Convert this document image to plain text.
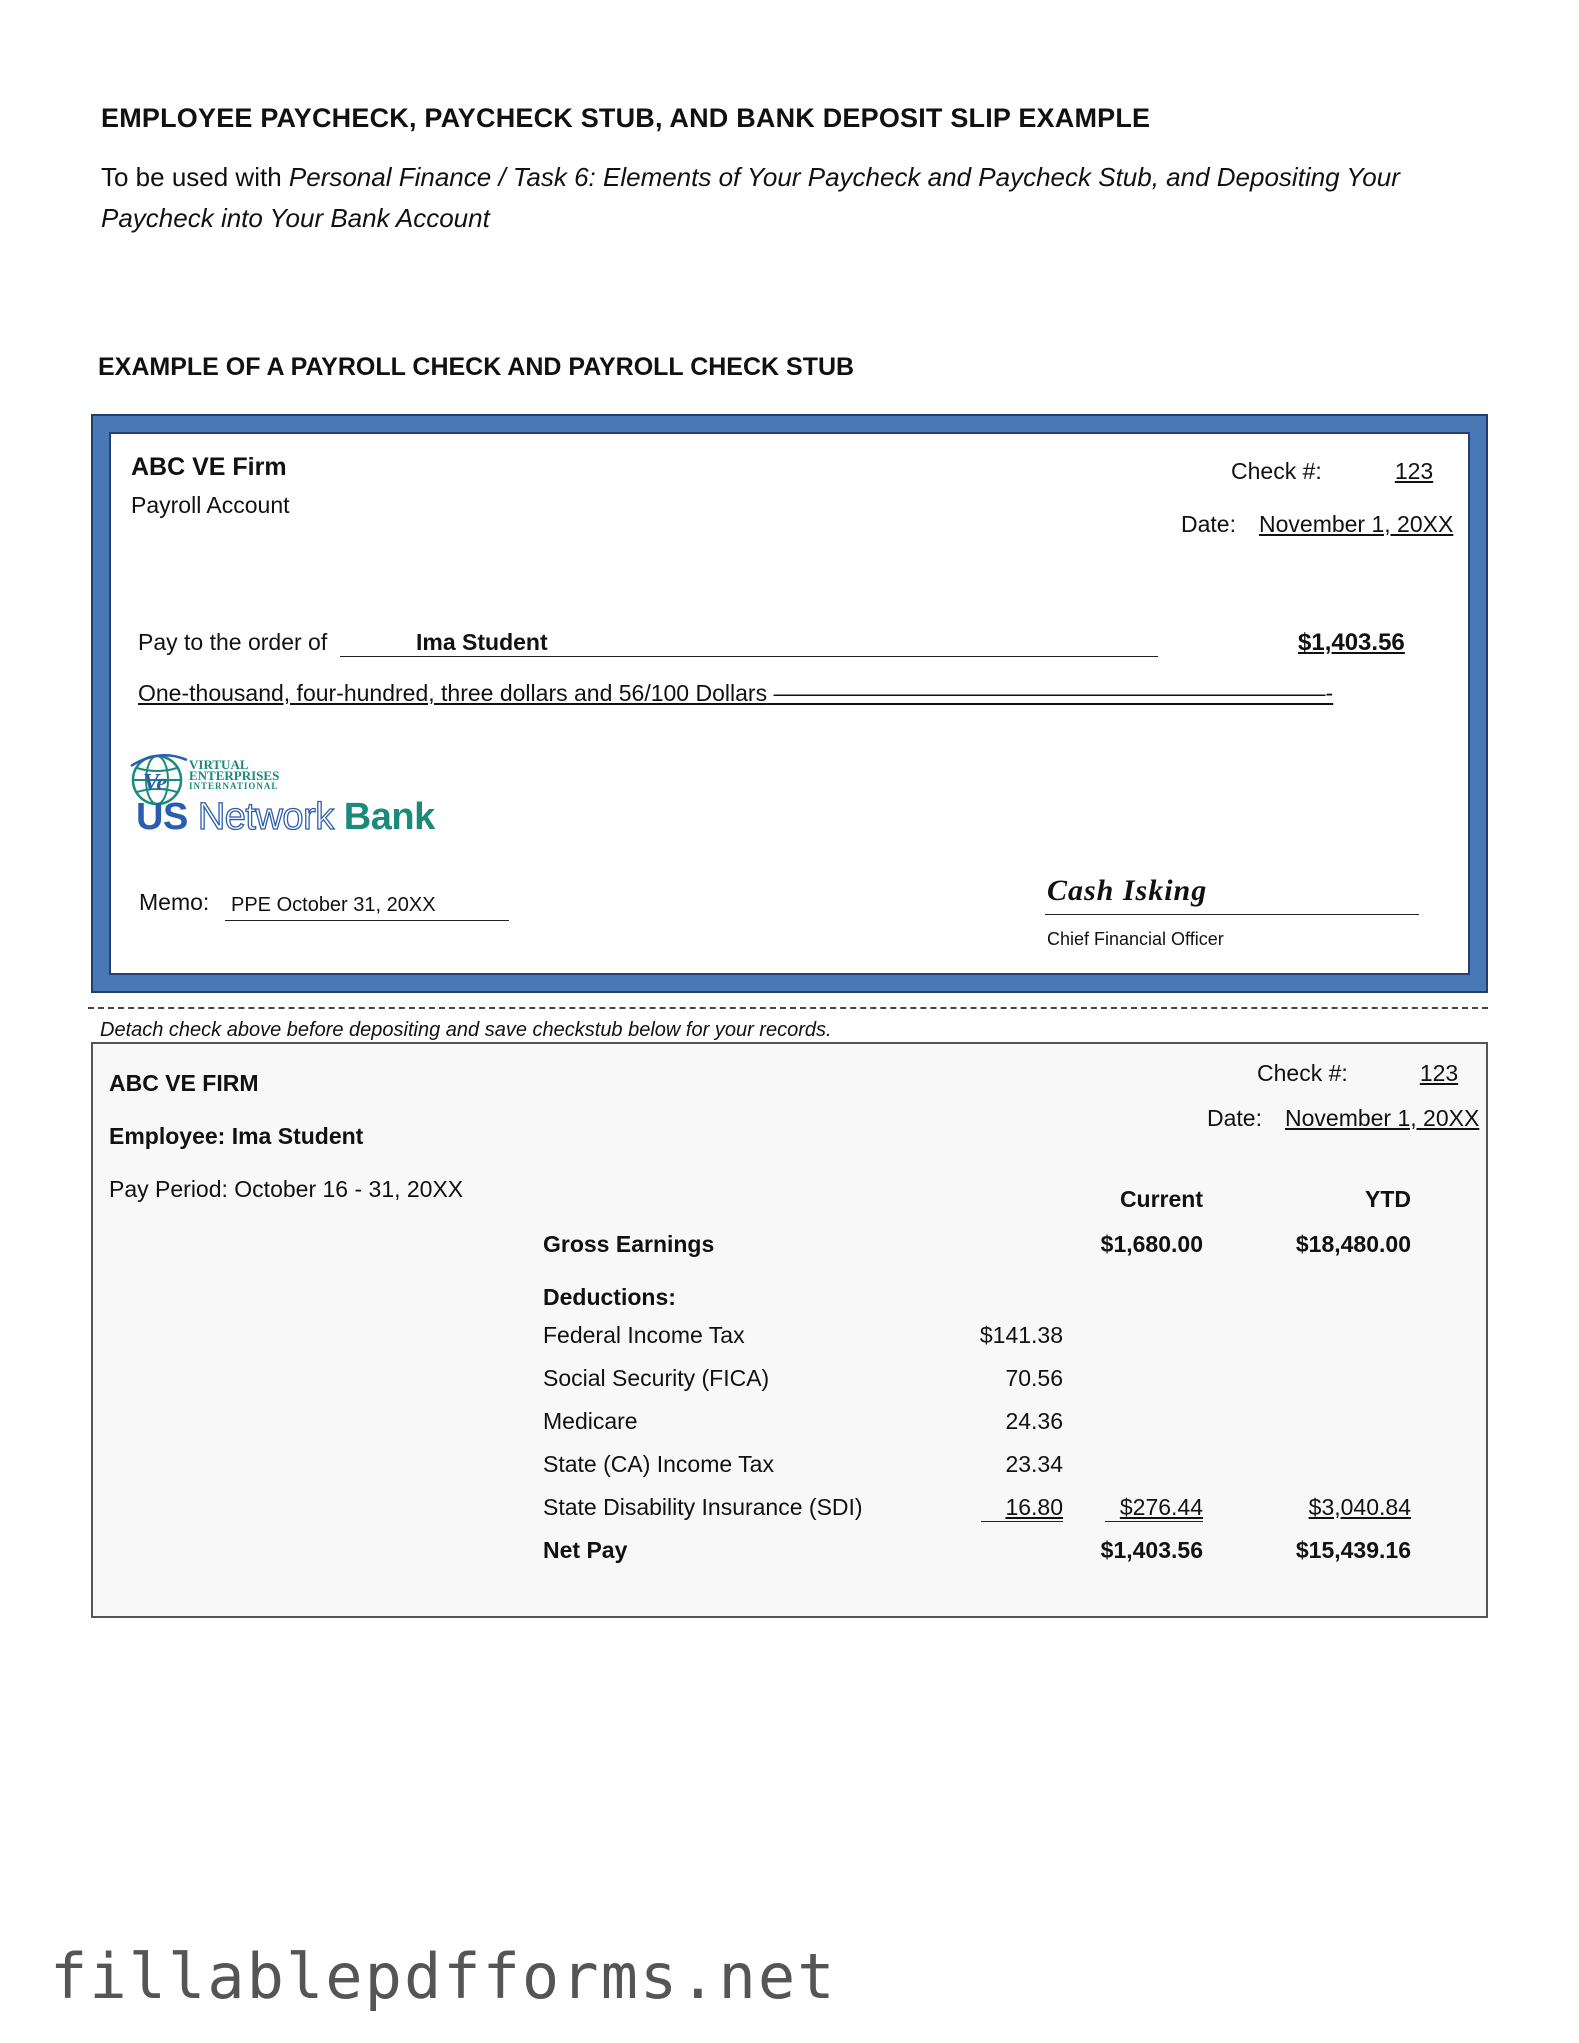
EMPLOYEE PAYCHECK, PAYCHECK STUB, AND BANK DEPOSIT SLIP EXAMPLE
To be used with Personal Finance / Task 6: Elements of Your Paycheck and Paycheck Stub, and Depositing Your
Paycheck into Your Bank Account
EXAMPLE OF A PAYROLL CHECK AND PAYROLL CHECK STUB
ABC VE Firm
Payroll Account
Check #:	123
Date: November 1, 20XX
Pay to the order of	Ima Student	$1,403.56
One-thousand, four-hundred, three dollars and 56/100 Dollars ————————————————————————-
Ve
VIRTUAL
ENTERPRISES
INTERNATIONAL
US Network Bank
Memo: PPE October 31, 20XX	Cash Isking
Chief Financial Officer
Detach check above before depositing and save checkstub below for your records.
ABC VE FIRM
Employee: Ima Student
Pay Period: October 16 - 31, 20XX
Check #:	123
Date: November 1, 20XX
Current	YTD
Gross Earnings	$1,680.00	$18,480.00
Deductions:
Federal Income Tax	$141.38
Social Security (FICA)	70.56
Medicare	24.36
State (CA) Income Tax	23.34
State Disability Insurance (SDI)	16.80	$276.44	$3,040.84
Net Pay	$1,403.56	$15,439.16
fillablepdfforms.net
